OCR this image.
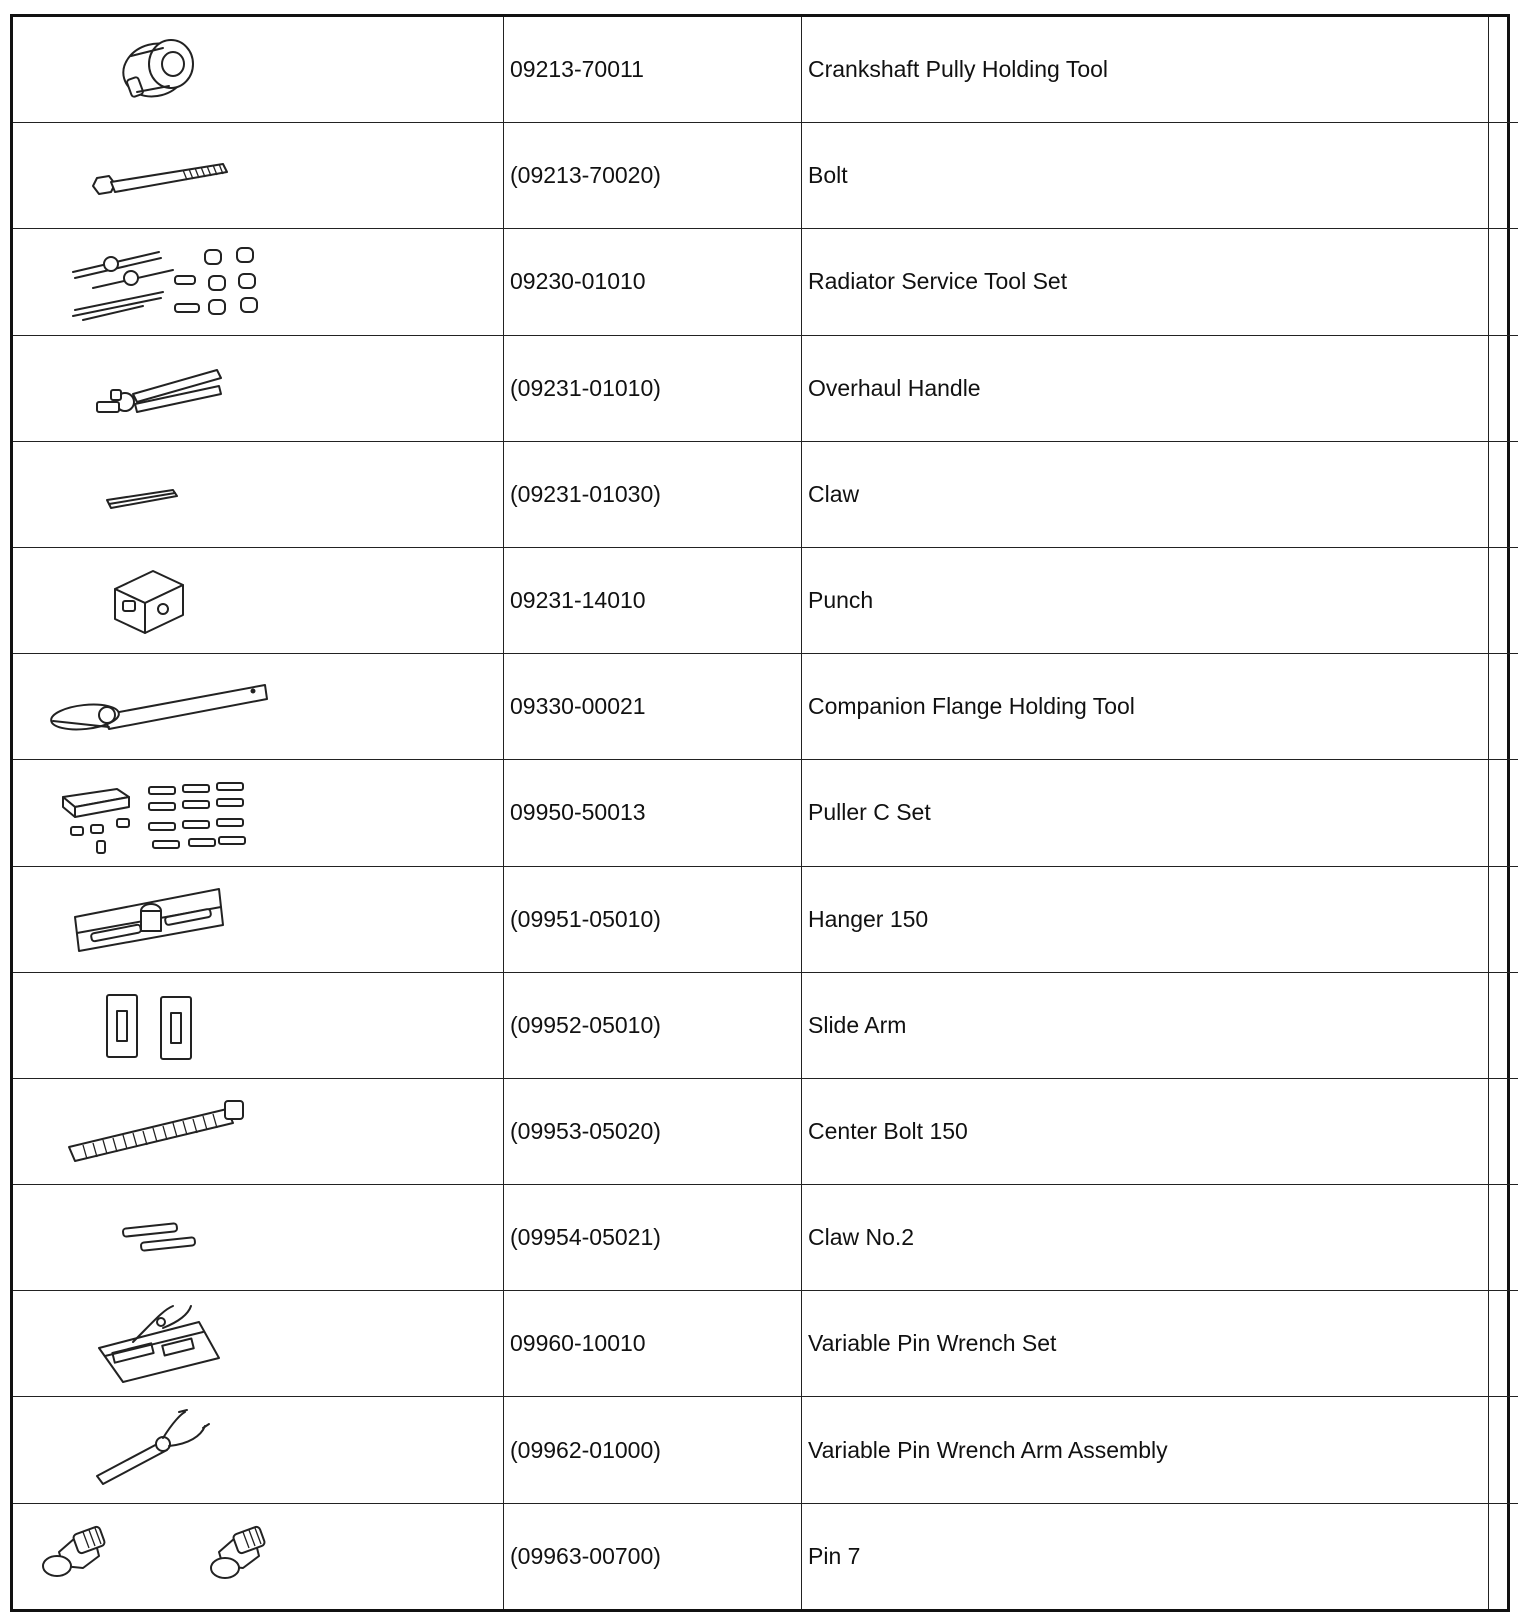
	09213-70011	Crankshaft Pully Holding Tool	

	(09213-70020)	Bolt	

	09230-01010	Radiator Service Tool Set	

	(09231-01010)	Overhaul Handle	

	(09231-01030)	Claw	

	09231-14010	Punch	

	09330-00021	Companion Flange Holding Tool	

	09950-50013	Puller C Set	

	(09951-05010)	Hanger 150	

	(09952-05010)	Slide Arm	

	(09953-05020)	Center Bolt 150	

	(09954-05021)	Claw No.2	

	09960-10010	Variable Pin Wrench Set	

	(09962-01000)	Variable Pin Wrench Arm Assembly	

	(09963-00700)	Pin 7	
